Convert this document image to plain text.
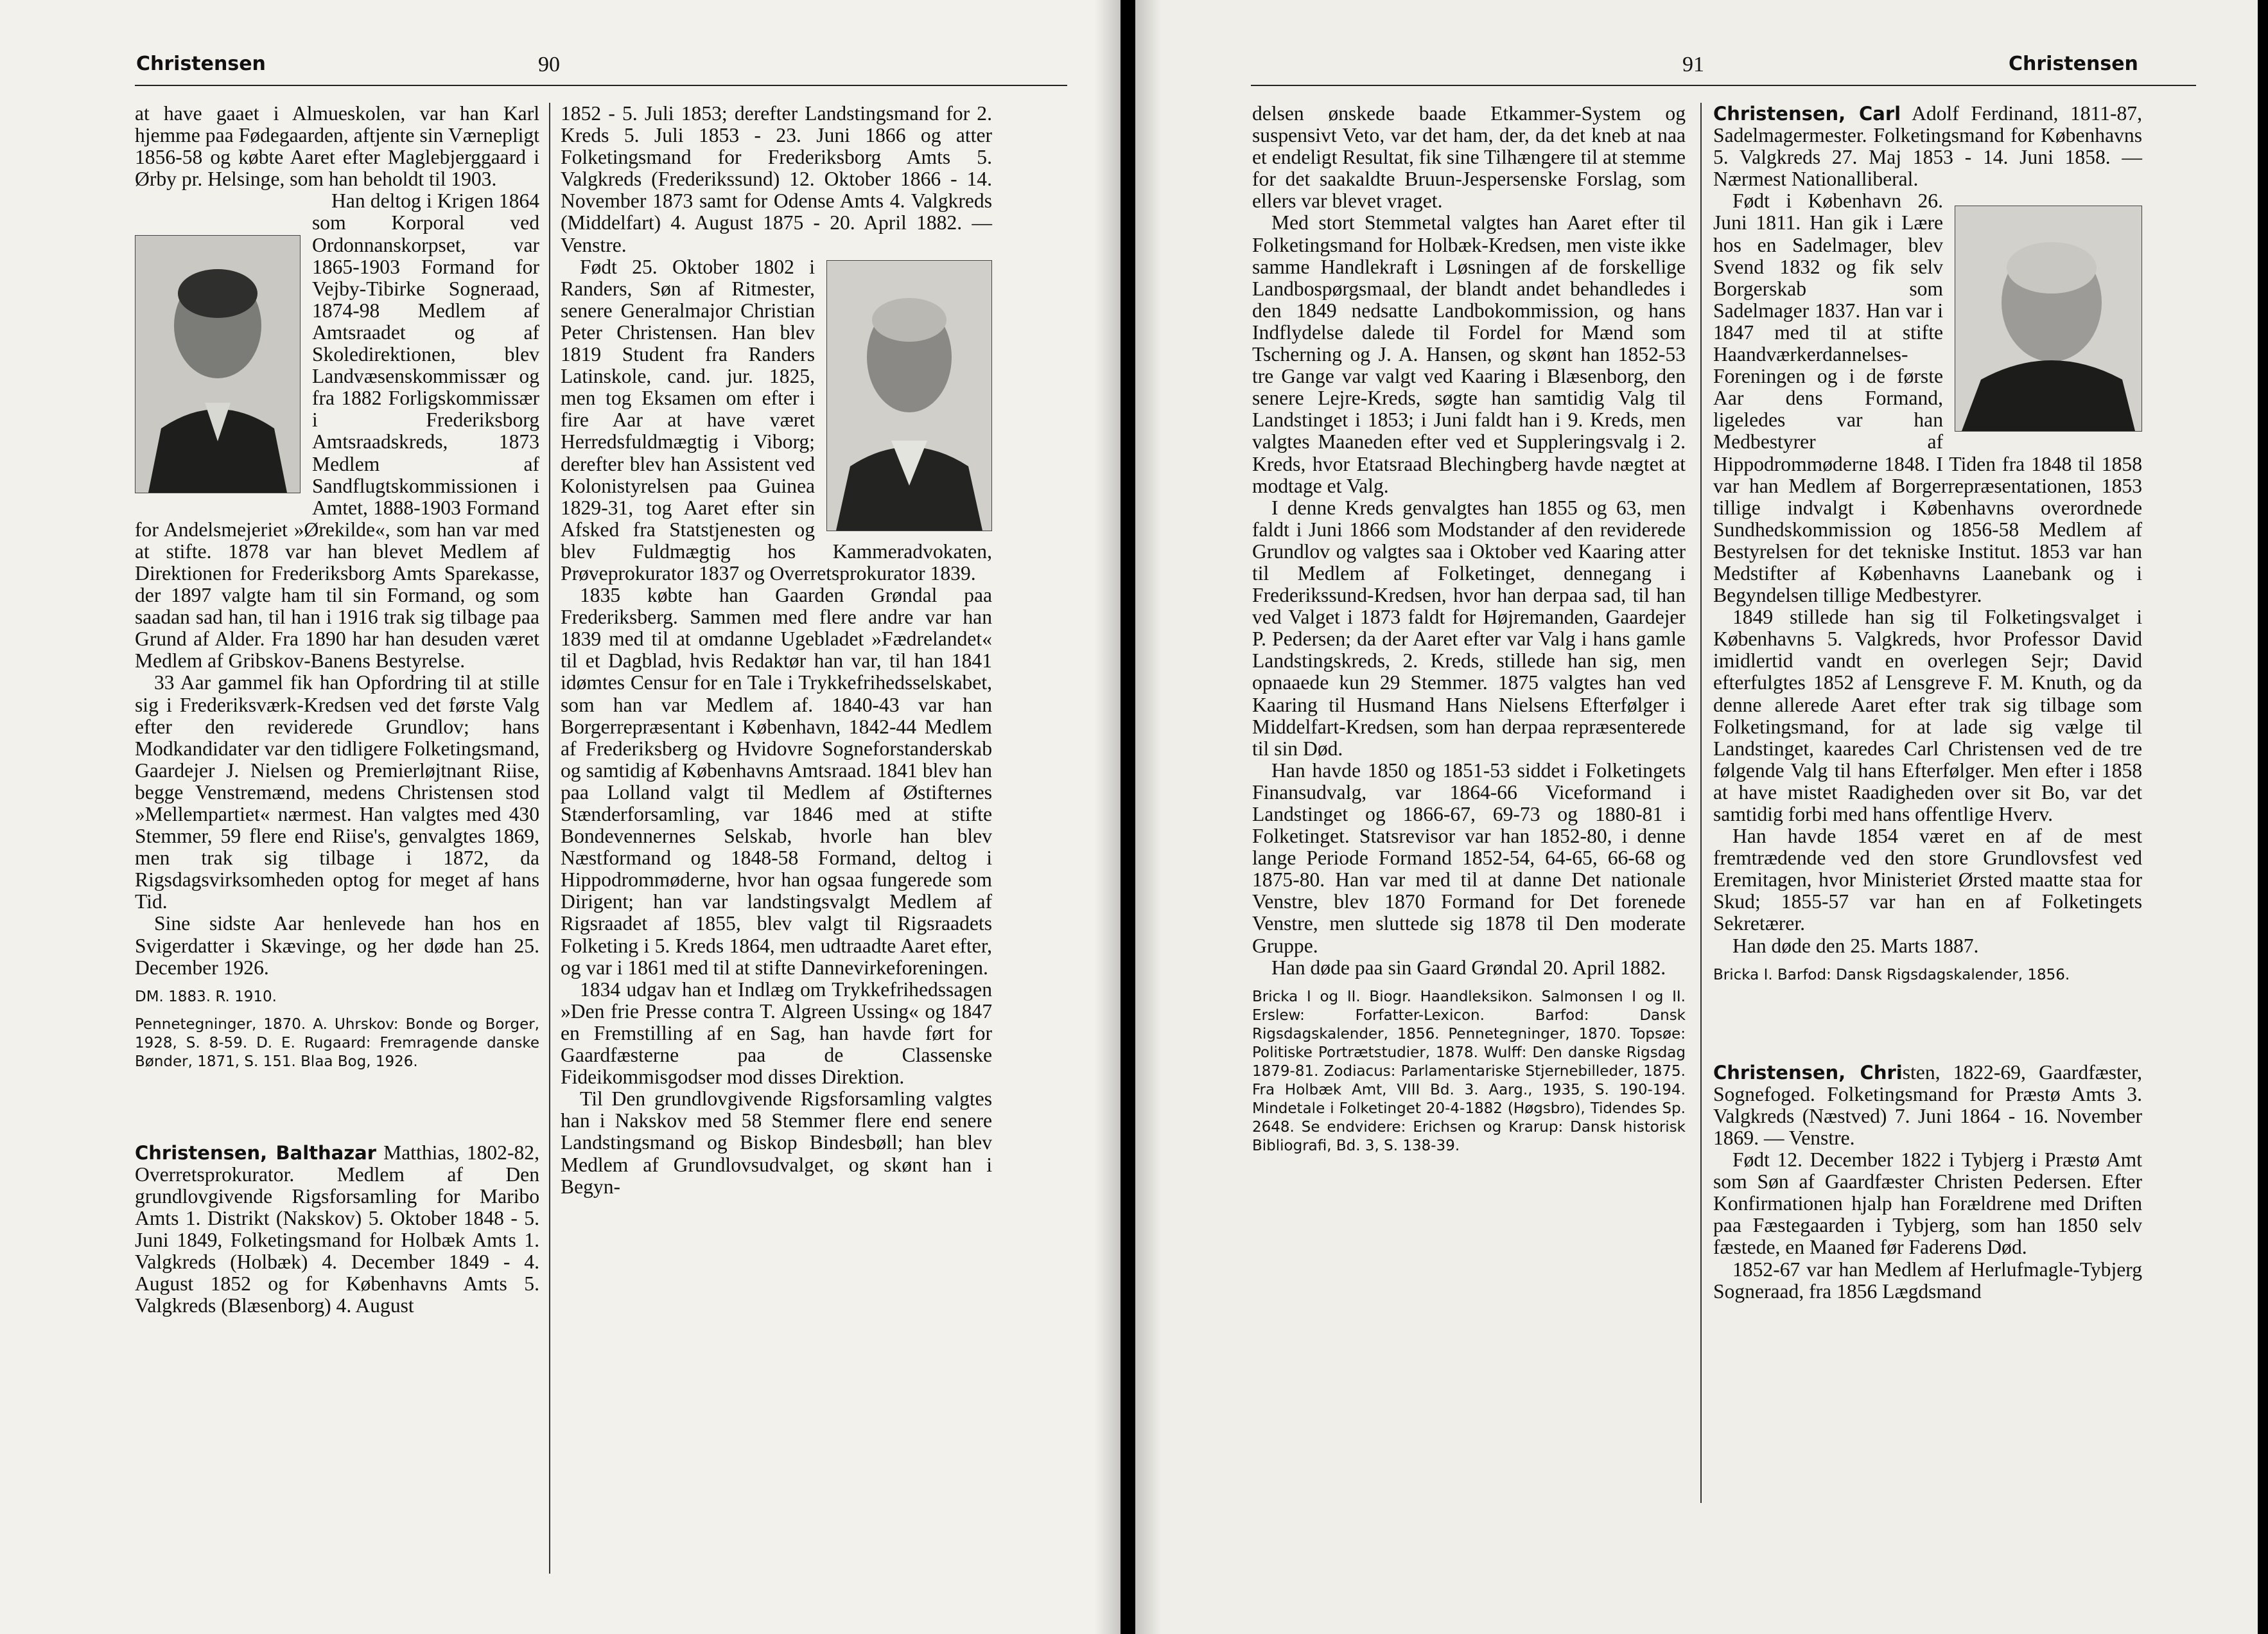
Christensen	90

at have gaaet i Almueskolen, var han Karl hjemme paa Fødegaarden, aftjente sin Værnepligt 1856-58 og købte Aaret efter Maglebjerggaard i Ørby pr. Helsinge, som han beholdt til 1903.

Han deltog i Krigen 1864 som Korporal ved Ordonnanskorpset, var 1865-1903 Formand for Vejby-Tibirke Sogneraad, 1874-98 Medlem af Amtsraadet og af Skoledirektionen, blev Landvæsenskommissær og fra 1882 Forligskommissær i Frederiksborg Amtsraadskreds, 1873 Medlem af Sandflugtskommissionen i Amtet, 1888-1903 Formand for Andelsmejeriet »Ørekilde«, som han var med at stifte. 1878 var han blevet Medlem af Direktionen for Frederiksborg Amts Sparekasse, der 1897 valgte ham til sin Formand, og som saadan sad han, til han i 1916 trak sig tilbage paa Grund af Alder. Fra 1890 har han desuden været Medlem af Gribskov-Banens Bestyrelse.

33 Aar gammel fik han Opfordring til at stille sig i Frederiksværk-Kredsen ved det første Valg efter den reviderede Grundlov; hans Modkandidater var den tidligere Folketingsmand, Gaardejer J. Nielsen og Premierløjtnant Riise, begge Venstremænd, medens Christensen stod »Mellempartiet« nærmest. Han valgtes med 430 Stemmer, 59 flere end Riise's, genvalgtes 1869, men trak sig tilbage i 1872, da Rigsdagsvirksomheden optog for meget af hans Tid.

Sine sidste Aar henlevede han hos en Svigerdatter i Skævinge, og her døde han 25. December 1926.

DM. 1883. R. 1910.

Pennetegninger, 1870. A. Uhrskov: Bonde og Borger, 1928, S. 8-59. D. E. Rugaard: Fremragende danske Bønder, 1871, S. 151. Blaa Bog, 1926.

Christensen, Balthazar Matthias, 1802-82, Overretsprokurator. Medlem af Den grundlovgivende Rigsforsamling for Maribo Amts 1. Distrikt (Nakskov) 5. Oktober 1848 - 5. Juni 1849, Folketingsmand for Holbæk Amts 1. Valgkreds (Holbæk) 4. December 1849 - 4. August 1852 og for Københavns Amts 5. Valgkreds (Blæsenborg) 4. August

1852 - 5. Juli 1853; derefter Landstingsmand for 2. Kreds 5. Juli 1853 - 23. Juni 1866 og atter Folketingsmand for Frederiksborg Amts 5. Valgkreds (Frederikssund) 12. Oktober 1866 - 14. November 1873 samt for Odense Amts 4. Valgkreds (Middelfart) 4. August 1875 - 20. April 1882. — Venstre.

Født 25. Oktober 1802 i Randers, Søn af Ritmester, senere Generalmajor Christian Peter Christensen. Han blev 1819 Student fra Randers Latinskole, cand. jur. 1825, men tog Eksamen om efter i fire Aar at have været Herredsfuldmægtig i Viborg; derefter blev han Assistent ved Kolonistyrelsen paa Guinea 1829-31, tog Aaret efter sin Afsked fra Statstjenesten og blev Fuldmægtig hos Kammeradvokaten, Prøveprokurator 1837 og Overretsprokurator 1839.

1835 købte han Gaarden Grøndal paa Frederiksberg. Sammen med flere andre var han 1839 med til at omdanne Ugebladet »Fædrelandet« til et Dagblad, hvis Redaktør han var, til han 1841 idømtes Censur for en Tale i Trykkefrihedsselskabet, som han var Medlem af. 1840-43 var han Borgerrepræsentant i København, 1842-44 Medlem af Frederiksberg og Hvidovre Sogneforstanderskab og samtidig af Københavns Amtsraad. 1841 blev han paa Lolland valgt til Medlem af Østifternes Stænderforsamling, var 1846 med at stifte Bondevennernes Selskab, hvorle han blev Næstformand og 1848-58 Formand, deltog i Hippodrommøderne, hvor han ogsaa fungerede som Dirigent; han var landstingsvalgt Medlem af Rigsraadet af 1855, blev valgt til Rigsraadets Folketing i 5. Kreds 1864, men udtraadte Aaret efter, og var i 1861 med til at stifte Dannevirkeforeningen.

1834 udgav han et Indlæg om Trykkefrihedssagen »Den frie Presse contra T. Algreen Ussing« og 1847 en Fremstilling af en Sag, han havde ført for Gaardfæsterne paa de Classenske Fideikommisgodser mod disses Direktion.

Til Den grundlovgivende Rigsforsamling valgtes han i Nakskov med 58 Stemmer flere end senere Landstingsmand og Biskop Bindesbøll; han blev Medlem af Grundlovsudvalget, og skønt han i Begyn-

91	Christensen

delsen ønskede baade Etkammer-System og suspensivt Veto, var det ham, der, da det kneb at naa et endeligt Resultat, fik sine Tilhængere til at stemme for det saakaldte Bruun-Jespersenske Forslag, som ellers var blevet vraget.

Med stort Stemmetal valgtes han Aaret efter til Folketingsmand for Holbæk-Kredsen, men viste ikke samme Handlekraft i Løsningen af de forskellige Landbospørgsmaal, der blandt andet behandledes i den 1849 nedsatte Landbokommission, og hans Indflydelse dalede til Fordel for Mænd som Tscherning og J. A. Hansen, og skønt han 1852-53 tre Gange var valgt ved Kaaring i Blæsenborg, den senere Lejre-Kreds, søgte han samtidig Valg til Landstinget i 1853; i Juni faldt han i 9. Kreds, men valgtes Maaneden efter ved et Suppleringsvalg i 2. Kreds, hvor Etatsraad Blechingberg havde nægtet at modtage et Valg.

I denne Kreds genvalgtes han 1855 og 63, men faldt i Juni 1866 som Modstander af den reviderede Grundlov og valgtes saa i Oktober ved Kaaring atter til Medlem af Folketinget, dennegang i Frederikssund-Kredsen, hvor han derpaa sad, til han ved Valget i 1873 faldt for Højremanden, Gaardejer P. Pedersen; da der Aaret efter var Valg i hans gamle Landstingskreds, 2. Kreds, stillede han sig, men opnaaede kun 29 Stemmer. 1875 valgtes han ved Kaaring til Husmand Hans Nielsens Efterfølger i Middelfart-Kredsen, som han derpaa repræsenterede til sin Død.

Han havde 1850 og 1851-53 siddet i Folketingets Finansudvalg, var 1864-66 Viceformand i Landstinget og 1866-67, 69-73 og 1880-81 i Folketinget. Statsrevisor var han 1852-80, i denne lange Periode Formand 1852-54, 64-65, 66-68 og 1875-80. Han var med til at danne Det nationale Venstre, blev 1870 Formand for Det forenede Venstre, men sluttede sig 1878 til Den moderate Gruppe.

Han døde paa sin Gaard Grøndal 20. April 1882.

Bricka I og II. Biogr. Haandleksikon. Salmonsen I og II. Erslew: Forfatter-Lexicon. Barfod: Dansk Rigsdagskalender, 1856. Pennetegninger, 1870. Topsøe: Politiske Portrætstudier, 1878. Wulff: Den danske Rigsdag 1879-81. Zodiacus: Parlamentariske Stjernebilleder, 1875. Fra Holbæk Amt, VIII Bd. 3. Aarg., 1935, S. 190-194. Mindetale i Folketinget 20-4-1882 (Høgsbro), Tidendes Sp. 2648. Se endvidere: Erichsen og Krarup: Dansk historisk Bibliografi, Bd. 3, S. 138-39.

Christensen, Carl Adolf Ferdinand, 1811-87, Sadelmagermester. Folketingsmand for Københavns 5. Valgkreds 27. Maj 1853 - 14. Juni 1858. — Nærmest Nationalliberal.

Født i København 26. Juni 1811. Han gik i Lære hos en Sadelmager, blev Svend 1832 og fik selv Borgerskab som Sadelmager 1837. Han var i 1847 med til at stifte Haandværkerdannelses-Foreningen og i de første Aar dens Formand, ligeledes var han Medbestyrer af Hippodrommøderne 1848. I Tiden fra 1848 til 1858 var han Medlem af Borgerrepræsentationen, 1853 tillige indvalgt i Københavns overordnede Sundhedskommission og 1856-58 Medlem af Bestyrelsen for det tekniske Institut. 1853 var han Medstifter af Københavns Laanebank og i Begyndelsen tillige Medbestyrer.

1849 stillede han sig til Folketingsvalget i Københavns 5. Valgkreds, hvor Professor David imidlertid vandt en overlegen Sejr; David efterfulgtes 1852 af Lensgreve F. M. Knuth, og da denne allerede Aaret efter trak sig tilbage som Folketingsmand, for at lade sig vælge til Landstinget, kaaredes Carl Christensen ved de tre følgende Valg til hans Efterfølger. Men efter i 1858 at have mistet Raadigheden over sit Bo, var det samtidig forbi med hans offentlige Hverv.

Han havde 1854 været en af de mest fremtrædende ved den store Grundlovsfest ved Eremitagen, hvor Ministeriet Ørsted maatte staa for Skud; 1855-57 var han en af Folketingets Sekretærer.

Han døde den 25. Marts 1887.

Bricka I. Barfod: Dansk Rigsdagskalender, 1856.

Christensen, Christen, 1822-69, Gaardfæster, Sognefoged. Folketingsmand for Præstø Amts 3. Valgkreds (Næstved) 7. Juni 1864 - 16. November 1869. — Venstre.

Født 12. December 1822 i Tybjerg i Præstø Amt som Søn af Gaardfæster Christen Pedersen. Efter Konfirmationen hjalp han Forældrene med Driften paa Fæstegaarden i Tybjerg, som han 1850 selv fæstede, en Maaned før Faderens Død.

1852-67 var han Medlem af Herlufmagle-Tybjerg Sogneraad, fra 1856 Lægdsmand
